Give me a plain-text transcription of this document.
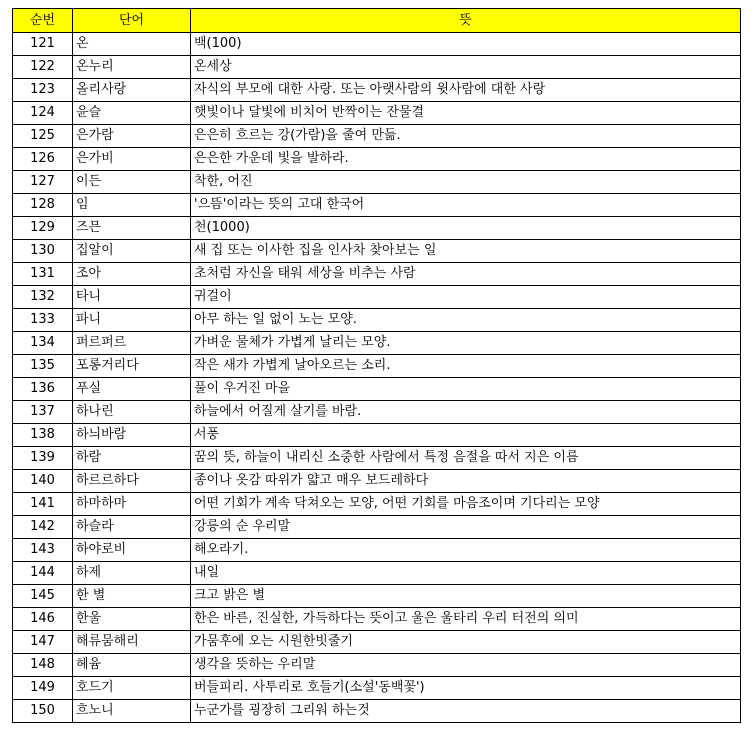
순번	단어	뜻
121	온	백(100)
122	온누리	온세상
123	올리사랑	자식의 부모에 대한 사랑. 또는 아랫사람의 윗사람에 대한 사랑
124	윤슬	햇빛이나 달빛에 비치어 반짝이는 잔물결
125	은가람	은은히 흐르는 강(가람)을 줄여 만듦.
126	은가비	은은한 가운데 빛을 발하라.
127	이든	착한, 어진
128	임	'으뜸'이라는 뜻의 고대 한국어
129	즈믄	천(1000)
130	집알이	새 집 또는 이사한 집을 인사차 찾아보는 일
131	조아	초처럼 자신을 태워 세상을 비추는 사람
132	타니	귀걸이
133	파니	아무 하는 일 없이 노는 모양.
134	퍼르퍼르	가벼운 물체가 가볍게 날리는 모양.
135	포롱거리다	작은 새가 가볍게 날아오르는 소리.
136	푸실	풀이 우거진 마을
137	하나린	하늘에서 어질게 살기를 바람.
138	하늬바람	서풍
139	하람	꿈의 뜻, 하늘이 내리신 소중한 사람에서 특정 음절을 따서 지은 이름
140	하르르하다	종이나 옷감 따위가 얇고 매우 보드레하다
141	하마하마	어떤 기회가 계속 닥쳐오는 모양, 어떤 기회를 마음조이며 기다리는 모양
142	하슬라	강릉의 순 우리말
143	하야로비	해오라기.
144	하제	내일
145	한 별	크고 밝은 별
146	한울	한은 바른, 진실한, 가득하다는 뜻이고 울은 울타리 우리 터전의 의미
147	해류뭄해리	가뭄후에 오는 시원한빗줄기
148	헤윰	생각을 뜻하는 우리말
149	호드기	버들피리. 사투리로 호들기(소설'동백꽃')
150	흐노니	누군가를 굉장히 그리워 하는것
